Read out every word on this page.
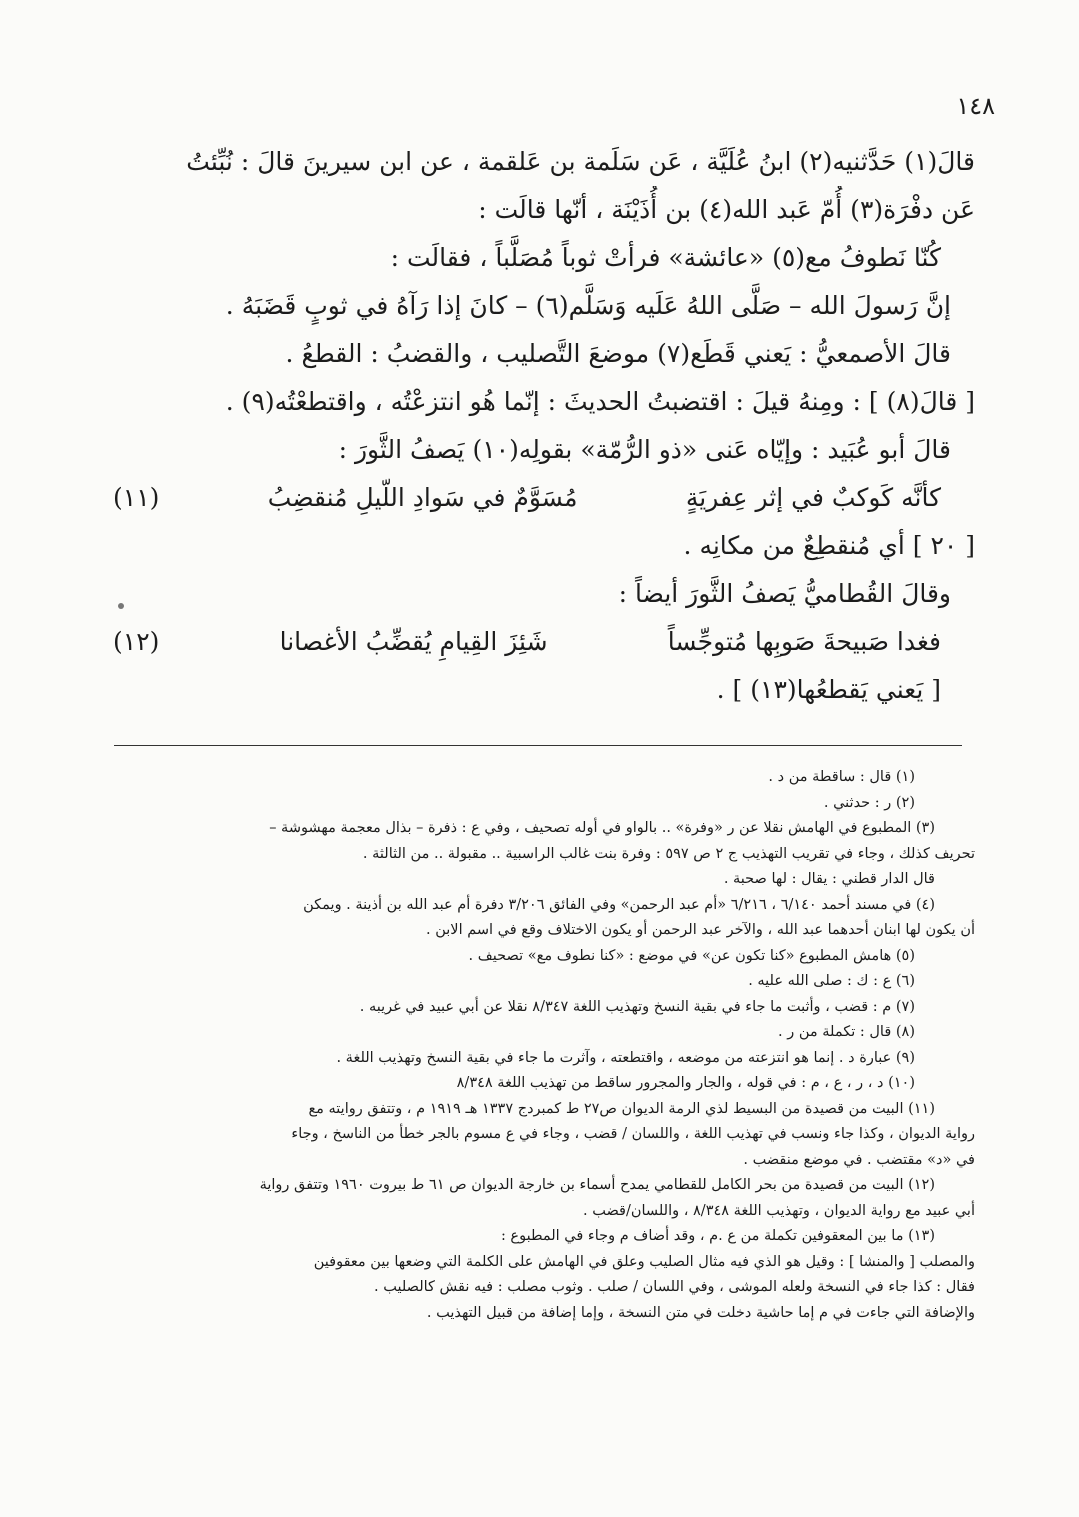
١٤٨
قالَ(١) حَدَّثنيه(٢) ابنُ عُلَيَّة ، عَن سَلَمة بن عَلقمة ، عن ابن سيرينَ قالَ : نُبِّئتُ
عَن دفْرَة(٣) أُمّ عَبد الله(٤) بن أُذَيْنَة ، أنّها قالَت :
كُنّا نَطوفُ مع(٥) «عائشة» فرأتْ ثوباً مُصَلَّباً ، فقالَت :
إنَّ رَسولَ الله – صَلَّى اللهُ عَلَيه وَسَلَّم(٦) – كانَ إذا رَآهُ في ثوبٍ قَضَبَهُ .
قالَ الأصمعيُّ : يَعني قَطَع(٧) موضعَ التَّصليب ، والقضبُ : القطعُ .
[ قالَ(٨) ] : ومِنهُ قيلَ : اقتضبتُ الحديثَ : إنّما هُو انتزعْتُه ، واقتطعْتُه(٩) .
قالَ أبو عُبَيد : وإيّاه عَنى «ذو الرُّمّة» بقولِه(١٠) يَصفُ الثَّورَ :
كأنَّه كَوكبٌ في إثر عِفريَةٍ
مُسَوَّمٌ في سَوادِ اللّيلِ مُنقضِبُ
(١١)
[ ٢٠ ] أي مُنقطِعٌ من مكانِه .
وقالَ القُطاميُّ يَصفُ الثَّورَ أيضاً :
فغدا صَبيحةَ صَوبِها مُتوجِّساً
شَئِزَ القِيامِ يُقضِّبُ الأغصانا
(١٢)
[ يَعني يَقطعُها(١٣) ] .
(١) قال : ساقطة من د .
(٢) ر : حدثني .
(٣) المطبوع في الهامش نقلا عن ر «وفرة» .. بالواو في أوله تصحيف ، وفي ع : ذفرة – بذال معجمة مهشوشة –
تحريف كذلك ، وجاء في تقريب التهذيب ج ٢ ص ٥٩٧ : وفرة بنت غالب الراسبية .. مقبولة .. من الثالثة .
قال الدار قطني : يقال : لها صحبة .
(٤) في مسند أحمد ٦/١٤٠ ، ٦/٢١٦ «أم عبد الرحمن» وفي الفائق ٣/٢٠٦ دفرة أم عبد الله بن أذينة . ويمكن
أن يكون لها ابنان أحدهما عبد الله ، والآخر عبد الرحمن أو يكون الاختلاف وقع في اسم الابن .
(٥) هامش المطبوع «كنا تكون عن» في موضع : «كنا نطوف مع» تصحيف .
(٦) ع : ك : صلى الله عليه .
(٧) م : قضب ، وأثبت ما جاء في بقية النسخ وتهذيب اللغة ٨/٣٤٧ نقلا عن أبي عبيد في غريبه .
(٨) قال : تكملة من ر .
(٩) عبارة د . إنما هو انتزعته من موضعه ، واقتطعته ، وآثرت ما جاء في بقية النسخ وتهذيب اللغة .
(١٠) د ، ر ، ع ، م : في قوله ، والجار والمجرور ساقط من تهذيب اللغة ٨/٣٤٨
(١١) البيت من قصيدة من البسيط لذي الرمة الديوان ص٢٧ ط كمبردج ١٣٣٧ هـ ١٩١٩ م ، وتتفق روايته مع
رواية الديوان ، وكذا جاء ونسب في تهذيب اللغة ، واللسان / قضب ، وجاء في ع مسوم بالجر خطأ من الناسخ ، وجاء
في «د» مقتضب . في موضع منقضب .
(١٢) البيت من قصيدة من بحر الكامل للقطامي يمدح أسماء بن خارجة الديوان ص ٦١ ط بيروت ١٩٦٠ وتتفق رواية
أبي عبيد مع رواية الديوان ، وتهذيب اللغة ٨/٣٤٨ ، واللسان/قضب .
(١٣) ما بين المعقوفين تكملة من ع .م ، وقد أضاف م وجاء في المطبوع :
والمصلب [ والمنشا ] : وقيل هو الذي فيه مثال الصليب وعلق في الهامش على الكلمة التي وضعها بين معقوفين
فقال : كذا جاء في النسخة ولعله الموشى ، وفي اللسان / صلب . وثوب مصلب : فيه نقش كالصليب .
والإضافة التي جاءت في م إما حاشية دخلت في متن النسخة ، وإما إضافة من قبيل التهذيب .
